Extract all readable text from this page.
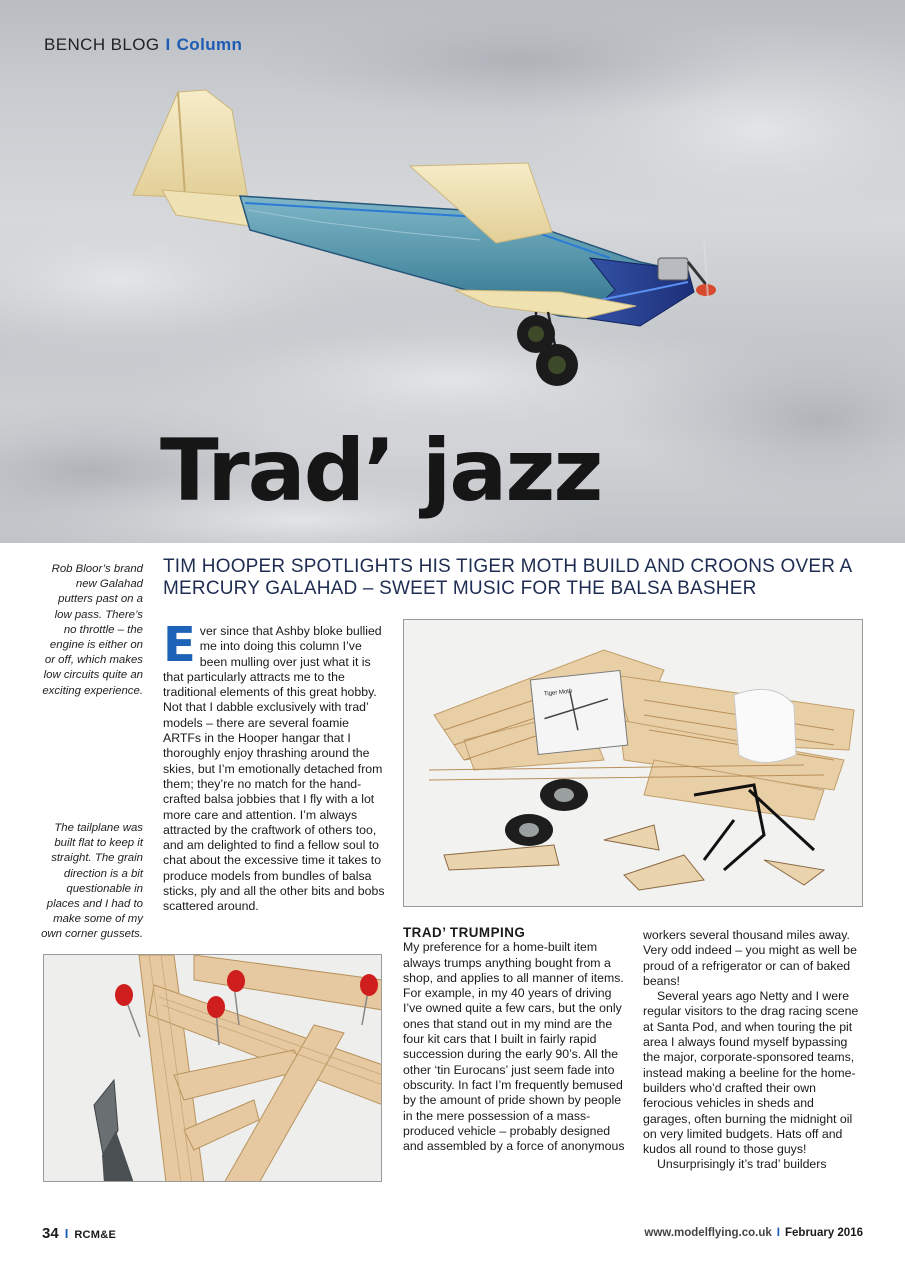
BENCH BLOG I Column
Trad’ jazz
TIM HOOPER SPOTLIGHTS HIS TIGER MOTH BUILD AND CROONS OVER A
MERCURY GALAHAD – SWEET MUSIC FOR THE BALSA BASHER
Rob Bloor’s brand new Galahad putters past on a low pass. There’s no throttle – the engine is either on or off, which makes low circuits quite an exciting experience.
The tailplane was built flat to keep it straight. The grain direction is a bit questionable in places and I had to make some of my own corner gussets.
E ver since that Ashby bloke bullied me into doing this column I’ve been mulling over just what it is that particularly attracts me to the traditional elements of this great hobby. Not that I dabble exclusively with trad’ models – there are several foamie ARTFs in the Hooper hangar that I thoroughly enjoy thrashing around the skies, but I’m emotionally detached from them; they’re no match for the hand-crafted balsa jobbies that I fly with a lot more care and attention. I’m always attracted by the craftwork of others too, and am delighted to find a fellow soul to chat about the excessive time it takes to produce models from bundles of balsa sticks, ply and all the other bits and bobs scattered around.
Tiger Moth
TRAD’ TRUMPING

My preference for a home-built item always trumps anything bought from a shop, and applies to all manner of items. For example, in my 40 years of driving I’ve owned quite a few cars, but the only ones that stand out in my mind are the four kit cars that I built in fairly rapid succession during the early 90’s. All the other ‘tin Eurocans’ just seem fade into obscurity. In fact I’m frequently bemused by the amount of pride shown by people in the mere possession of a mass-produced vehicle – probably designed and assembled by a force of anonymous

workers several thousand miles away. Very odd indeed – you might as well be proud of a refrigerator or can of baked beans!

Several years ago Netty and I were regular visitors to the drag racing scene at Santa Pod, and when touring the pit area I always found myself bypassing the major, corporate-sponsored teams, instead making a beeline for the home-builders who’d crafted their own ferocious vehicles in sheds and garages, often burning the midnight oil on very limited budgets. Hats off and kudos all round to those guys!

Unsurprisingly it’s trad’ builders

34 I RCM&E	www.modelflying.co.uk I February 2016
